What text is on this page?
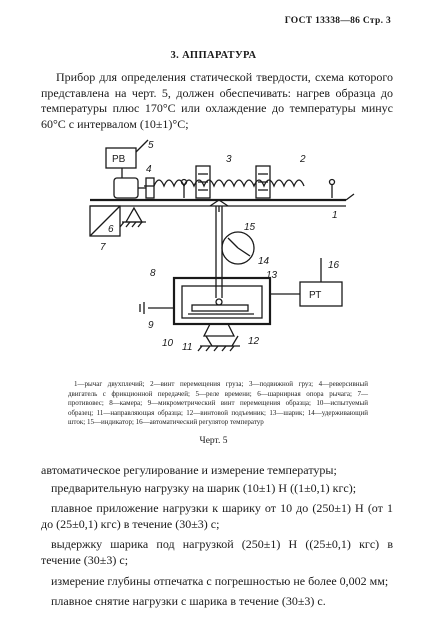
ГОСТ 13338—86 Стр. 3
3. АППАРАТУРА

Прибор для определения статической твердости, схема которого представлена на черт. 5, должен обеспечивать: нагрев образца до температуры плюс 170°С или охлаждение до температуры минус 60°С с интервалом (10±1)°С;

РВ
РТ
1
2
3
4
5
6
7
8
9
10 11
12
13
14
15
16

1—рычаг двухплечий; 2—винт перемещения груза; 3—подвижной груз; 4—реверсивный двигатель с фрикционной передачей; 5—реле времени; 6—шарнирная опора рычага; 7—противовес; 8—камера; 9—микрометрический винт перемещения образца; 10—испытуемый образец; 11—направляющая образца; 12—винтовой подъемник; 13—шарик; 14—удерживающий шток; 15—индикатор; 16—автоматический регулятор температур

Черт. 5

автоматическое регулирование и измерение температуры;

предварительную нагрузку на шарик (10±1) Н ((1±0,1) кгс);

плавное приложение нагрузки к шарику от 10 до (250±1) Н (от 1 до (25±0,1) кгс) в течение (30±3) с;

выдержку шарика под нагрузкой (250±1) Н ((25±0,1) кгс) в течение (30±3) с;

измерение глубины отпечатка с погрешностью не более 0,002 мм;

плавное снятие нагрузки с шарика в течение (30±3) с.
